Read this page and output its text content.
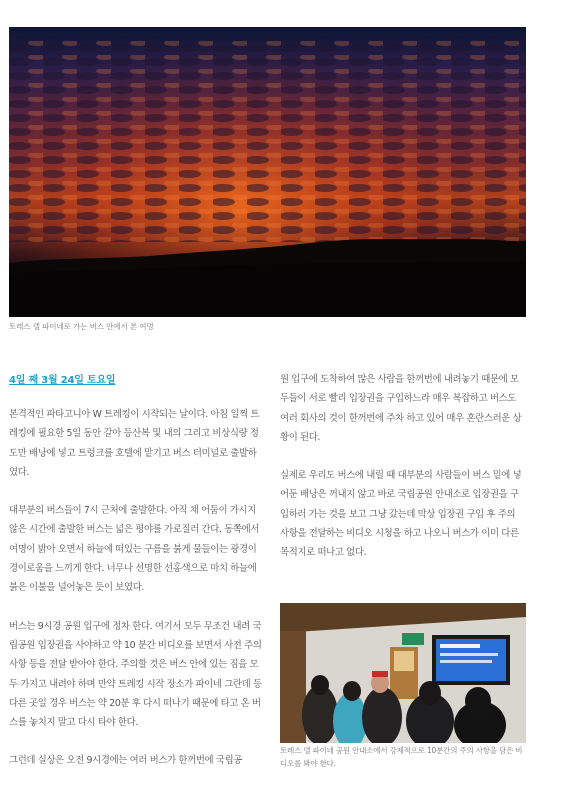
토레스 델 파이네로 가는 버스 안에서 본 여명
4일 째 3월 24일 토요일

본격적인 파타고니아 W 트레킹이 시작되는 날이다. 아침 일찍 트레킹에 필요한 5일 동안 갈아 등산복 및 내의 그리고 비상식량 정도만 배낭에 넣고 트렁크를 호텔에 맡기고 버스 터미널로 출발하였다.

대부분의 버스들이 7시 근처에 출발한다. 아직 채 어둠이 가시지 않은 시간에 출발한 버스는 넓은 평야를 가로질러 간다. 동쪽에서 여명이 밝아 오면서 하늘에 떠있는 구름을 붉게 물들이는 광경이 경이로움을 느끼게 한다. 너무나 선명한 선홍색으로 마치 하늘에 붉은 이불을 널어놓은 듯이 보였다.

버스는 9시경 공원 입구에 정차 한다. 여기서 모두 무조건 내려 국립공원 입장권을 사야하고 약 10 분간 비디오를 보면서 사전 주의 사항 등을 전달 받아야 한다. 주의할 것은 버스 안에 있는 짐을 모두 가지고 내려야 하며 만약 트레킹 시작 장소가 파이네 그란데 등 다른 곳일 경우 버스는 약 20분 후 다시 떠나기 때문에 타고 온 버스를 놓치지 말고 다시 타야 한다.

그런데 실상은 오전 9시경에는 여러 버스가 한꺼번에 국립공

원 입구에 도착하여 많은 사람을 한꺼번에 내려놓기 때문에 모두들이 서로 빨리 입장권을 구입하느라 매우 복잡하고 버스도 여러 회사의 것이 한꺼번에 주차 하고 있어 매우 혼란스러운 상황이 된다.

실제로 우리도 버스에 내릴 때 대부분의 사람들이 버스 밑에 넣어둔 배낭은 꺼내지 않고 바로 국립공원 안내소로 입장권을 구입하러 가는 것을 보고 그냥 갔는데 막상 입장권 구입 후 주의 사항을 전달하는 비디오 시청을 하고 나오니 버스가 이미 다른 목적지로 떠나고 없다.

토레스 델 파이네 공원 안내소에서 강제적으로 10분간의 주의 사항을 담은 비디오를 봐야 한다.
